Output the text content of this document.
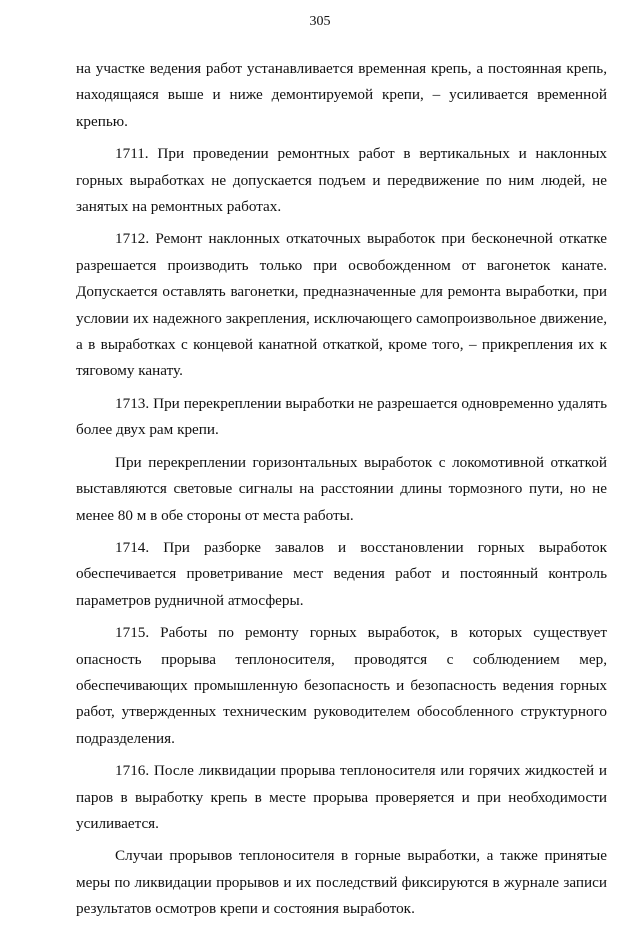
305

на участке ведения работ устанавливается временная крепь, а постоянная крепь, находящаяся выше и ниже демонтируемой крепи, – усиливается временной крепью.

1711. При проведении ремонтных работ в вертикальных и наклонных горных выработках не допускается подъем и передвижение по ним людей, не занятых на ремонтных работах.

1712. Ремонт наклонных откаточных выработок при бесконечной откатке разрешается производить только при освобожденном от вагонеток канате. Допускается оставлять вагонетки, предназначенные для ремонта выработки, при условии их надежного закрепления, исключающего самопроизвольное движение, а в выработках с концевой канатной откаткой, кроме того, – прикрепления их к тяговому канату.

1713. При перекреплении выработки не разрешается одновременно удалять более двух рам крепи.

При перекреплении горизонтальных выработок с локомотивной откаткой выставляются световые сигналы на расстоянии длины тормозного пути, но не менее 80 м в обе стороны от места работы.

1714. При разборке завалов и восстановлении горных выработок обеспечивается проветривание мест ведения работ и постоянный контроль параметров рудничной атмосферы.

1715. Работы по ремонту горных выработок, в которых существует опасность прорыва теплоносителя, проводятся с соблюдением мер, обеспечивающих промышленную безопасность и безопасность ведения горных работ, утвержденных техническим руководителем обособленного структурного подразделения.

1716. После ликвидации прорыва теплоносителя или горячих жидкостей и паров в выработку крепь в месте прорыва проверяется и при необходимости усиливается.

Случаи прорывов теплоносителя в горные выработки, а также принятые меры по ликвидации прорывов и их последствий фиксируются в журнале записи результатов осмотров крепи и состояния выработок.
